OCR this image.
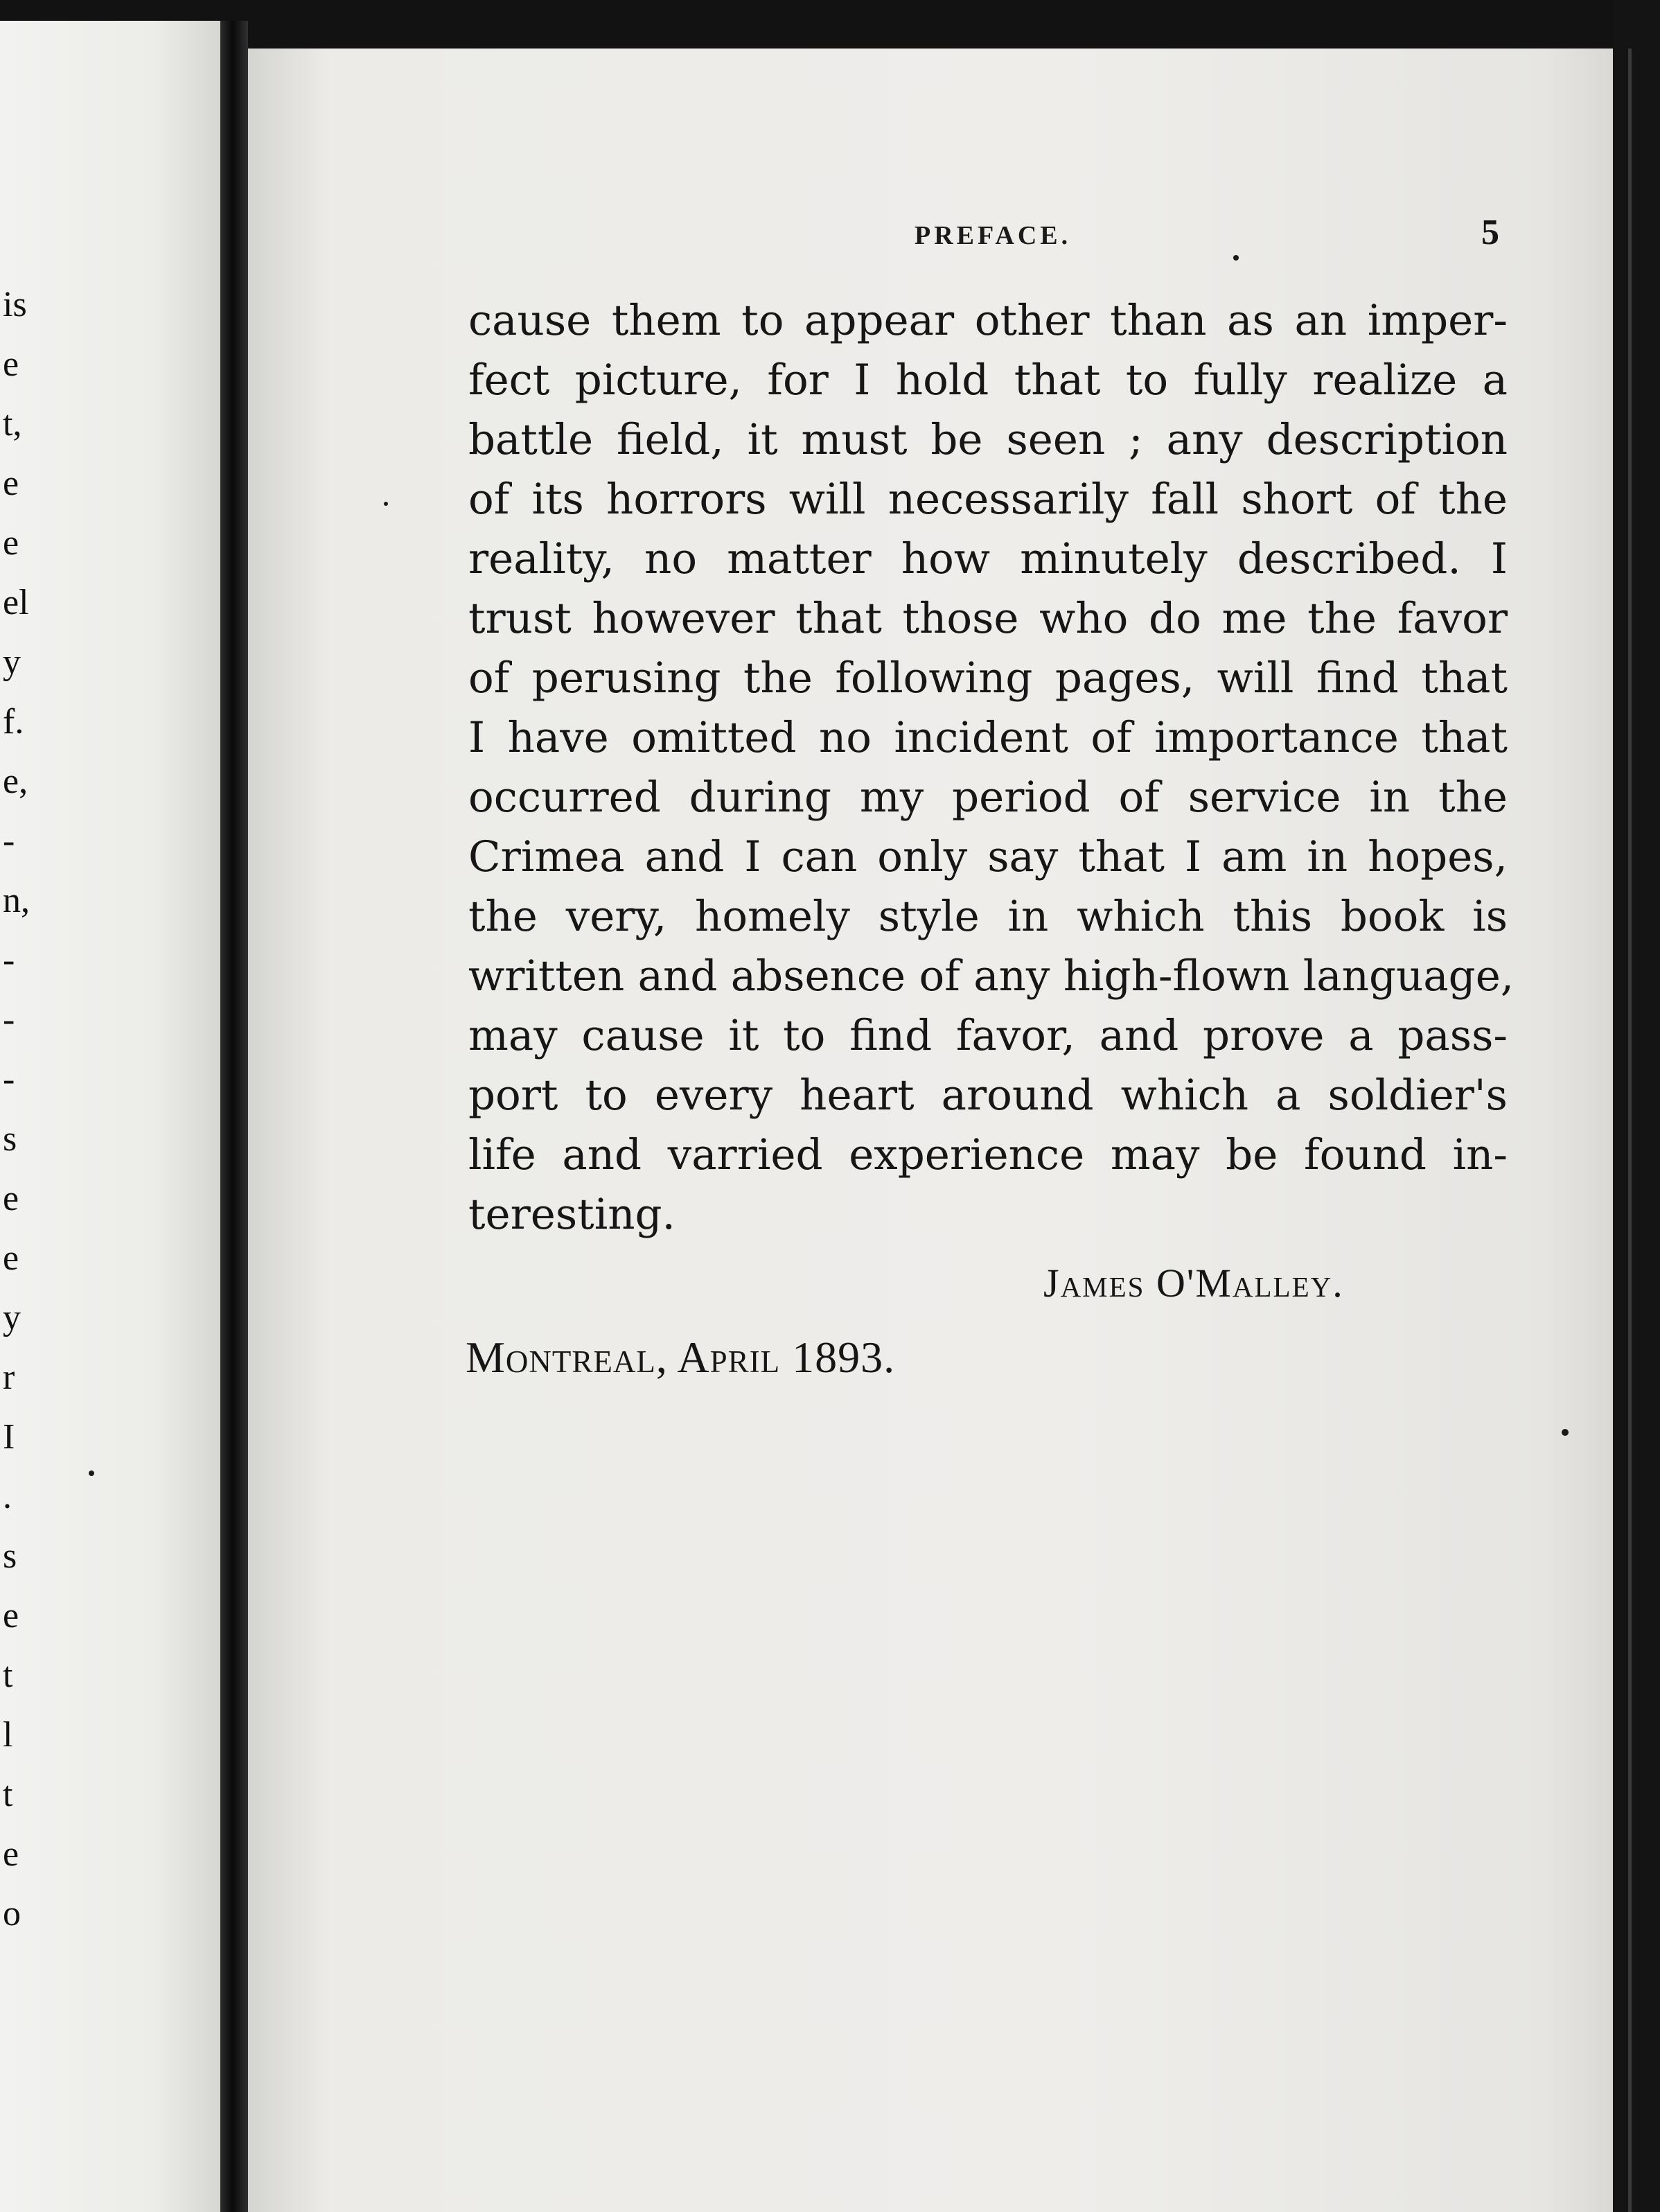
is
e
t,
e
e
el
y
f.
e,
-
n,
-
-
-
s
e
e
y
r
I
.
s
e
t
l
t
e
o
PREFACE.	5
cause them to appear other than as an imper-
fect picture, for I hold that to fully realize a
battle field, it must be seen ; any description
of its horrors will necessarily fall short of the
reality, no matter how minutely described. I
trust however that those who do me the favor
of perusing the following pages, will find that
I have omitted no incident of importance that
occurred during my period of service in the
Crimea and I can only say that I am in hopes,
the very, homely style in which this book is
written and absence of any high-flown language,
may cause it to find favor, and prove a pass-
port to every heart around which a soldier's
life and varried experience may be found in-
teresting.
James O'Malley.
Montreal, April 1893.
